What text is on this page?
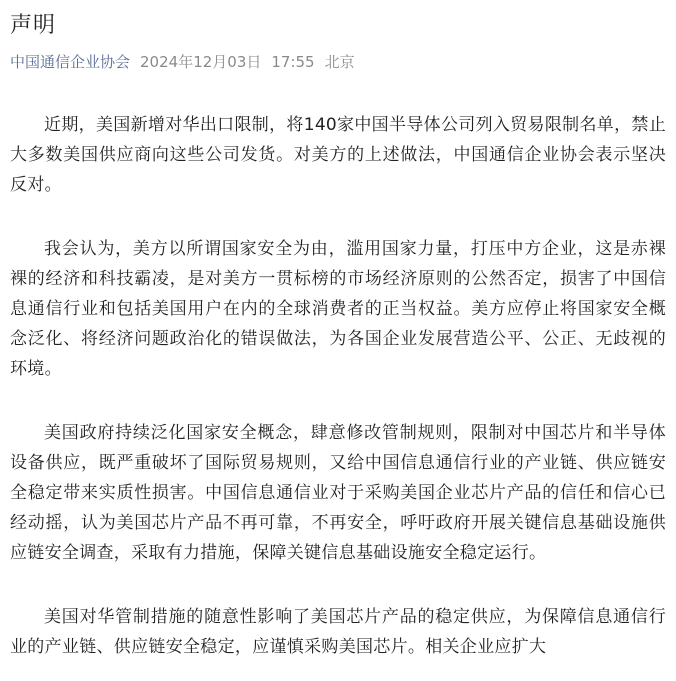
声明
中国通信企业协会 2024年12月03日 17:55 北京

近期，美国新增对华出口限制，将140家中国半导体公司列入贸易限制名单，禁止大多数美国供应商向这些公司发货。对美方的上述做法，中国通信企业协会表示坚决反对。

我会认为，美方以所谓国家安全为由，滥用国家力量，打压中方企业，这是赤裸裸的经济和科技霸凌，是对美方一贯标榜的市场经济原则的公然否定，损害了中国信息通信行业和包括美国用户在内的全球消费者的正当权益。美方应停止将国家安全概念泛化、将经济问题政治化的错误做法，为各国企业发展营造公平、公正、无歧视的环境。

美国政府持续泛化国家安全概念，肆意修改管制规则，限制对中国芯片和半导体设备供应，既严重破坏了国际贸易规则，又给中国信息通信行业的产业链、供应链安全稳定带来实质性损害。中国信息通信业对于采购美国企业芯片产品的信任和信心已经动摇，认为美国芯片产品不再可靠，不再安全，呼吁政府开展关键信息基础设施供应链安全调查，采取有力措施，保障关键信息基础设施安全稳定运行。

美国对华管制措施的随意性影响了美国芯片产品的稳定供应，为保障信息通信行业的产业链、供应链安全稳定，应谨慎采购美国芯片。相关企业应扩大
